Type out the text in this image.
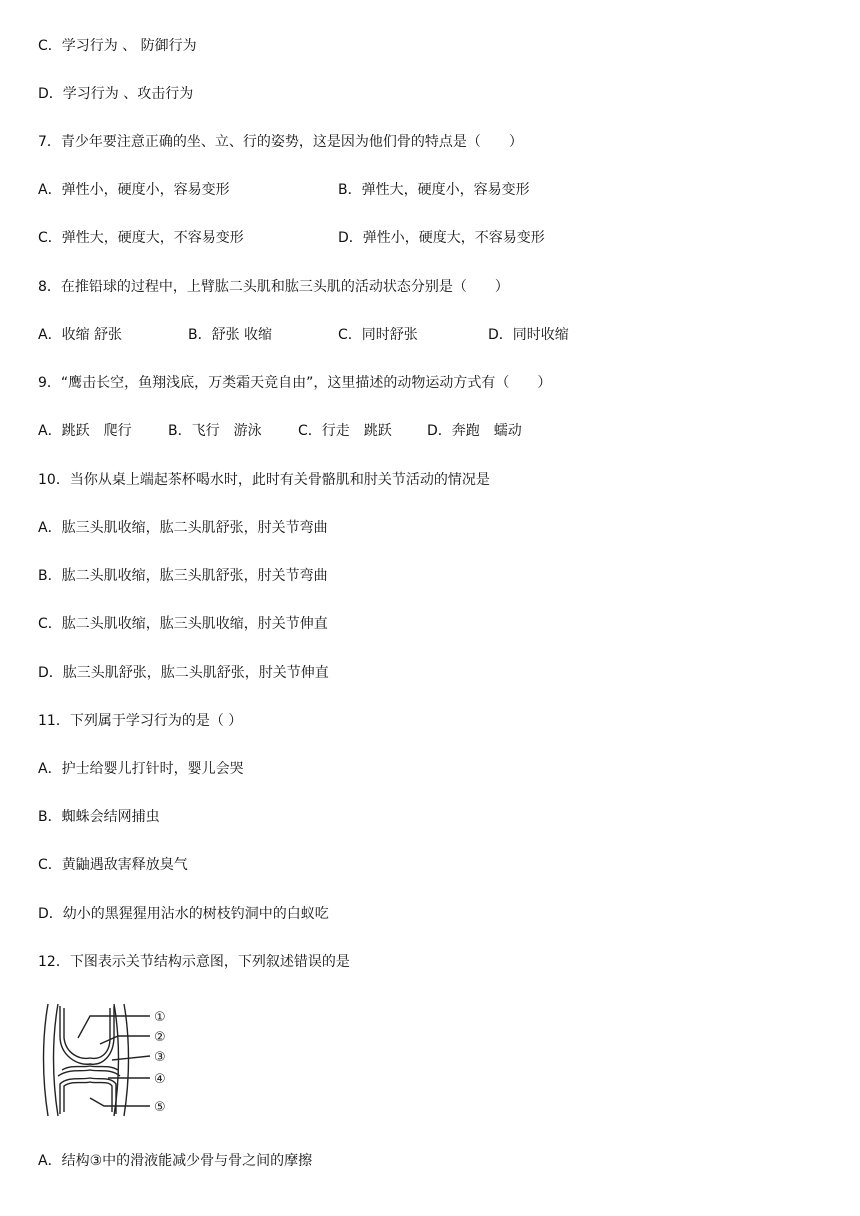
C．学习行为 、 防御行为
D．学习行为 、攻击行为
7．青少年要注意正确的坐、立、行的姿势，这是因为他们骨的特点是（　　）

A．弹性小，硬度小，容易变形

	B．弹性大，硬度小，容易变形

C．弹性大，硬度大，不容易变形

	D．弹性小，硬度大，不容易变形

8．在推铅球的过程中，上臂肱二头肌和肱三头肌的活动状态分别是（　　）

A．收缩 舒张

	B．舒张 收缩

	C．同时舒张

	D．同时收缩

9．“鹰击长空，鱼翔浅底，万类霜天竞自由”，这里描述的动物运动方式有（　　）

A．跳跃　爬行

	B．飞行　游泳

	C．行走　跳跃

	D．奔跑　蠕动

10．当你从桌上端起茶杯喝水时，此时有关骨骼肌和肘关节活动的情况是
A．肱三头肌收缩，肱二头肌舒张，肘关节弯曲
B．肱二头肌收缩，肱三头肌舒张，肘关节弯曲
C．肱二头肌收缩，肱三头肌收缩，肘关节伸直
D．肱三头肌舒张，肱二头肌舒张，肘关节伸直
11．下列属于学习行为的是（ ）
A．护士给婴儿打针时，婴儿会哭
B．蜘蛛会结网捕虫
C．黄鼬遇敌害释放臭气
D．幼小的黑猩猩用沾水的树枝钓洞中的白蚁吃
12．下图表示关节结构示意图，下列叙述错误的是
①
②
③
④
⑤
A．结构③中的滑液能减少骨与骨之间的摩擦
